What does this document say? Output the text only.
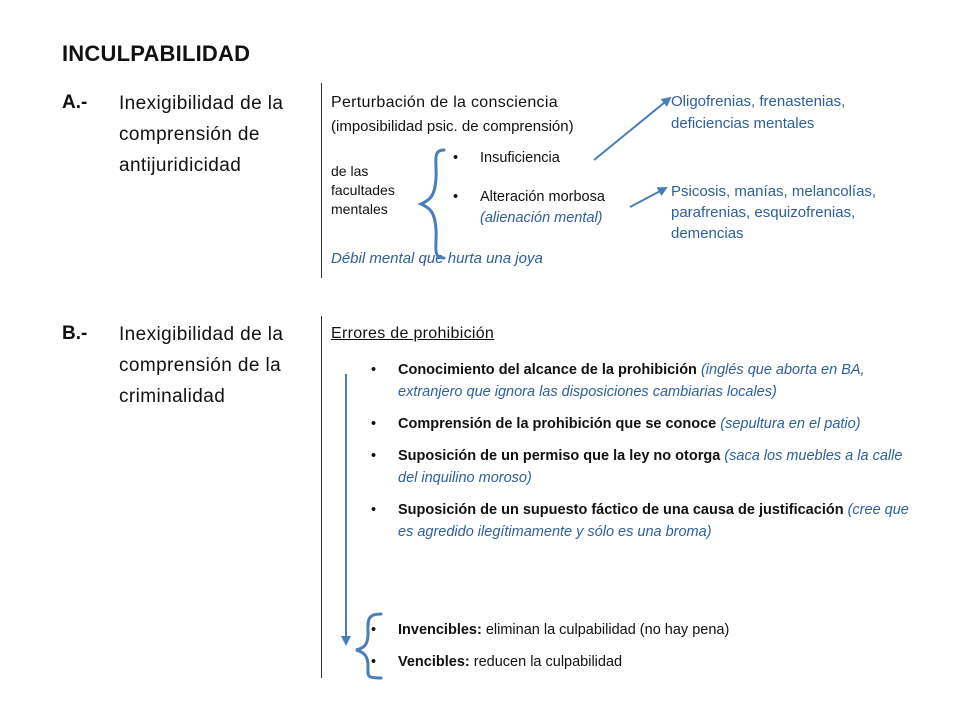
INCULPABILIDAD
A.- Inexigibilidad de la
comprensión de
antijuridicidad
Perturbación de la consciencia
(imposibilidad psic. de comprensión)
de las
facultades
mentales
• Insuficiencia
• Alteración morbosa
(alienación mental)
Oligofrenias, frenastenias,
deficiencias mentales
Psicosis, manías, melancolías,
parafrenias, esquizofrenias,
demencias
Débil mental que hurta una joya
B.- Inexigibilidad de la
comprensión de la
criminalidad
Errores de prohibición
• Conocimiento del alcance de la prohibición (inglés que aborta en BA, extranjero que ignora las disposiciones cambiarias locales)
• Comprensión de la prohibición que se conoce (sepultura en el patio)
• Suposición de un permiso que la ley no otorga (saca los muebles a la calle del inquilino moroso)
• Suposición de un supuesto fáctico de una causa de justificación (cree que es agredido ilegítimamente y sólo es una broma)
• Invencibles: eliminan la culpabilidad (no hay pena)
• Vencibles: reducen la culpabilidad
